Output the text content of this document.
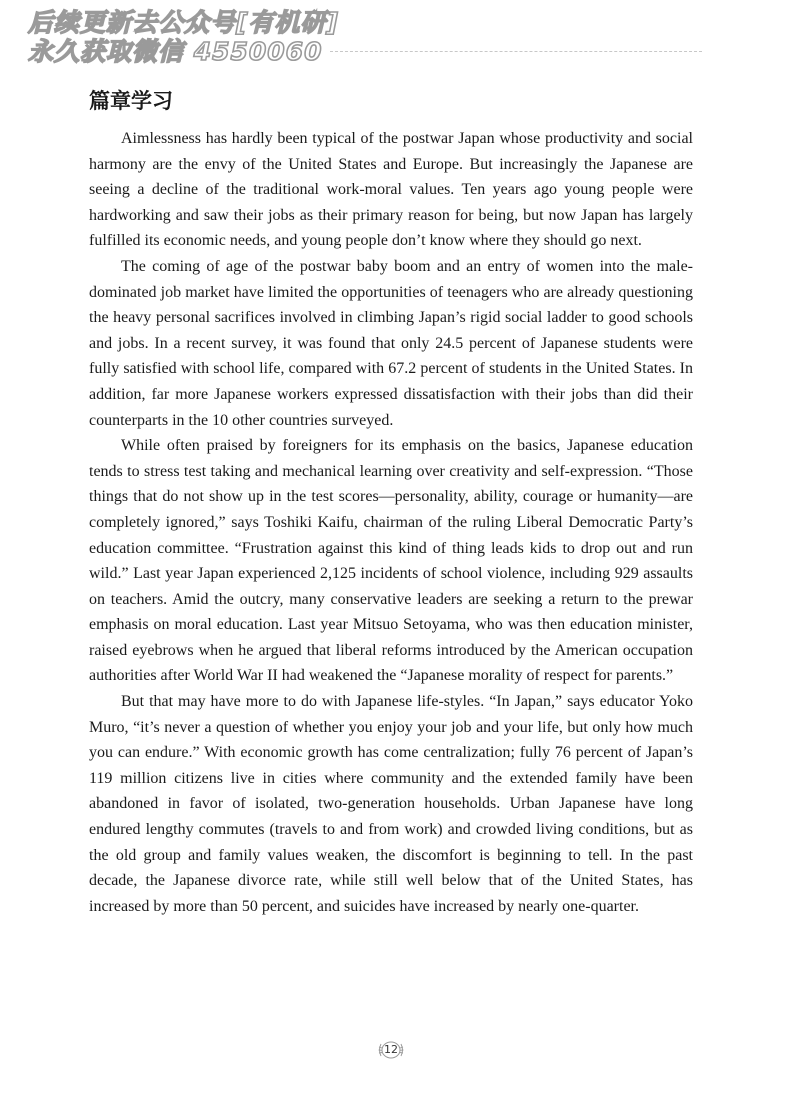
后续更新去公众号[有机研]
永久获取微信 4550060
篇章学习

Aimlessness has hardly been typical of the postwar Japan whose productivity and social harmony are the envy of the United States and Europe. But increasingly the Japanese are seeing a decline of the traditional work-moral values. Ten years ago young people were hardworking and saw their jobs as their primary reason for being, but now Japan has largely fulfilled its economic needs, and young people don’t know where they should go next.

The coming of age of the postwar baby boom and an entry of women into the male-dominated job market have limited the opportunities of teenagers who are already questioning the heavy personal sacrifices involved in climbing Japan’s rigid social ladder to good schools and jobs. In a recent survey, it was found that only 24.5 percent of Japanese students were fully satisfied with school life, compared with 67.2 percent of students in the United States. In addition, far more Japanese workers expressed dissatisfaction with their jobs than did their counterparts in the 10 other countries surveyed.

While often praised by foreigners for its emphasis on the basics, Japanese education tends to stress test taking and mechanical learning over creativity and self-expression. “Those things that do not show up in the test scores—personality, ability, courage or humanity—are completely ignored,” says Toshiki Kaifu, chairman of the ruling Liberal Democratic Party’s education committee. “Frustration against this kind of thing leads kids to drop out and run wild.” Last year Japan experienced 2,125 incidents of school violence, including 929 assaults on teachers. Amid the outcry, many conservative leaders are seeking a return to the prewar emphasis on moral education. Last year Mitsuo Setoyama, who was then education minister, raised eyebrows when he argued that liberal reforms introduced by the American occupation authorities after World War II had weakened the “Japanese morality of respect for parents.”

But that may have more to do with Japanese life-styles. “In Japan,” says educator Yoko Muro, “it’s never a question of whether you enjoy your job and your life, but only how much you can endure.” With economic growth has come centralization; fully 76 percent of Japan’s 119 million citizens live in cities where community and the extended family have been abandoned in favor of isolated, two-generation households. Urban Japanese have long endured lengthy commutes (travels to and from work) and crowded living conditions, but as the old group and family values weaken, the discomfort is beginning to tell. In the past decade, the Japanese divorce rate, while still well below that of the United States, has increased by more than 50 percent, and suicides have increased by nearly one-quarter.

12
